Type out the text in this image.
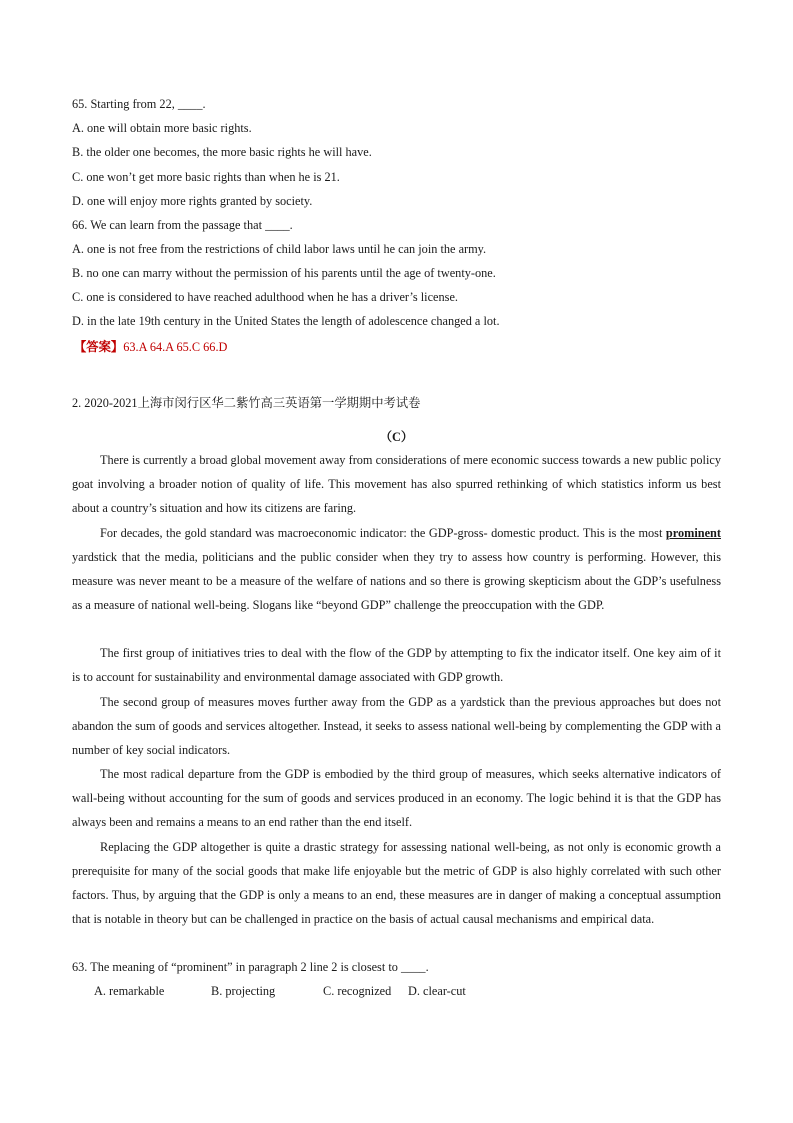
65. Starting from 22, ____.
A. one will obtain more basic rights.
B. the older one becomes, the more basic rights he will have.
C. one won’t get more basic rights than when he is 21.
D. one will enjoy more rights granted by society.
66. We can learn from the passage that ____.
A. one is not free from the restrictions of child labor laws until he can join the army.
B. no one can marry without the permission of his parents until the age of twenty-one.
C. one is considered to have reached adulthood when he has a driver’s license.
D. in the late 19th century in the United States the length of adolescence changed a lot.
【答案】63.A 64.A 65.C 66.D
2. 2020-2021上海市闵行区华二紫竹高三英语第一学期期中考试卷
（C）
There is currently a broad global movement away from considerations of mere economic success towards a new public policy goat involving a broader notion of quality of life. This movement has also spurred rethinking of which statistics inform us best about a country’s situation and how its citizens are faring.
For decades, the gold standard was macroeconomic indicator: the GDP-gross- domestic product. This is the most prominent yardstick that the media, politicians and the public consider when they try to assess how country is performing. However, this measure was never meant to be a measure of the welfare of nations and so there is growing skepticism about the GDP’s usefulness as a measure of national well-being. Slogans like “beyond GDP” challenge the preoccupation with the GDP.
The first group of initiatives tries to deal with the flow of the GDP by attempting to fix the indicator itself. One key aim of it is to account for sustainability and environmental damage associated with GDP growth.
The second group of measures moves further away from the GDP as a yardstick than the previous approaches but does not abandon the sum of goods and services altogether. Instead, it seeks to assess national well-being by complementing the GDP with a number of key social indicators.
The most radical departure from the GDP is embodied by the third group of measures, which seeks alternative indicators of wall-being without accounting for the sum of goods and services produced in an economy. The logic behind it is that the GDP has always been and remains a means to an end rather than the end itself.
Replacing the GDP altogether is quite a drastic strategy for assessing national well-being, as not only is economic growth a prerequisite for many of the social goods that make life enjoyable but the metric of GDP is also highly correlated with such other factors. Thus, by arguing that the GDP is only a means to an end, these measures are in danger of making a conceptual assumption that is notable in theory but can be challenged in practice on the basis of actual causal mechanisms and empirical data.
63. The meaning of “prominent” in paragraph 2 line 2 is closest to ____.
A. remarkable	B. projecting	C. recognized D. clear-cut
